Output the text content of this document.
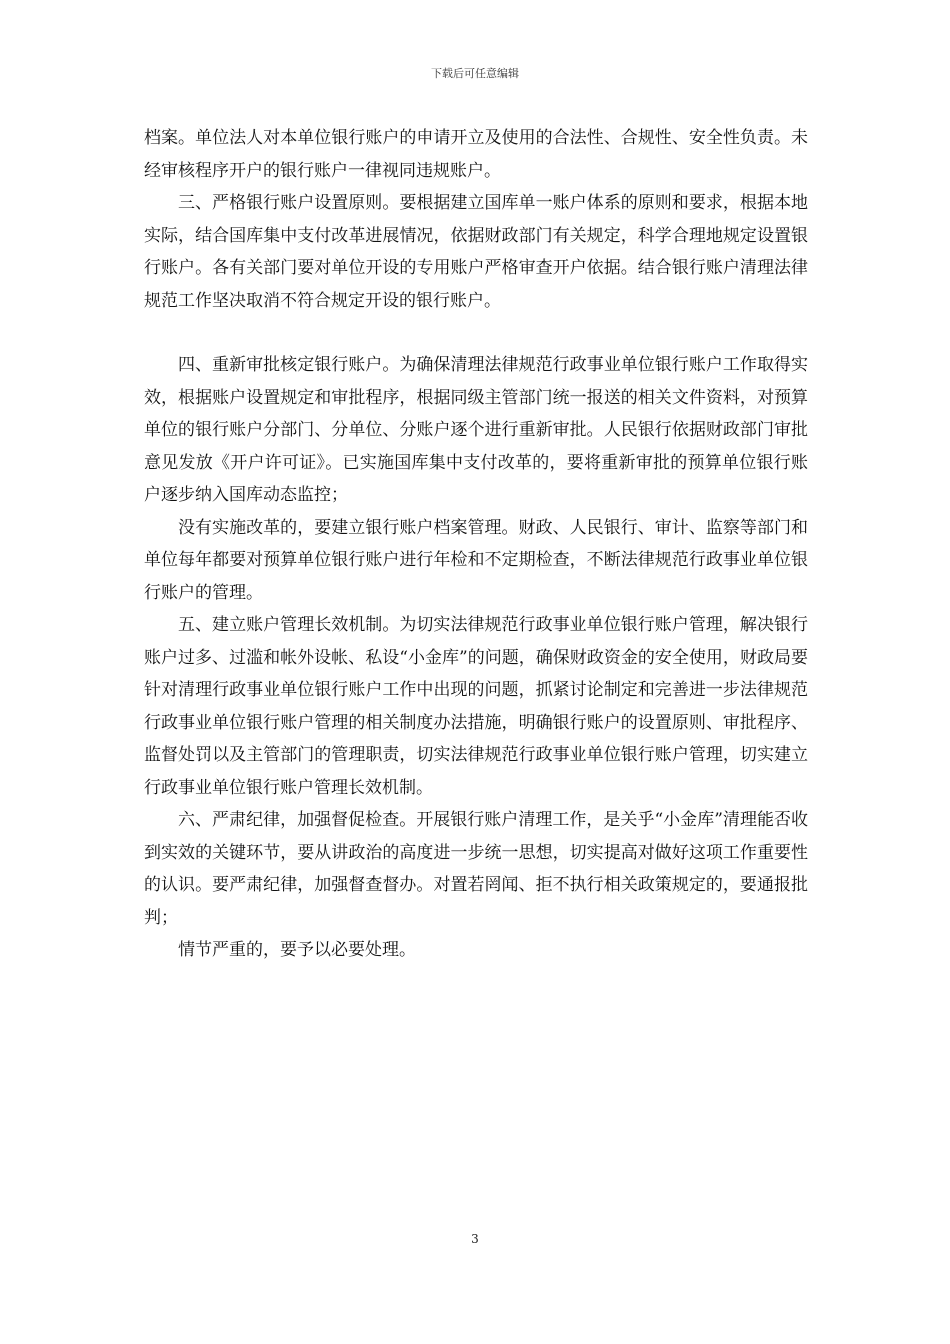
下载后可任意编辑

档案。单位法人对本单位银行账户的申请开立及使用的合法性、合规性、安全性负责。未经审核程序开户的银行账户一律视同违规账户。

三、严格银行账户设置原则。要根据建立国库单一账户体系的原则和要求，根据本地实际，结合国库集中支付改革进展情况，依据财政部门有关规定，科学合理地规定设置银行账户。各有关部门要对单位开设的专用账户严格审查开户依据。结合银行账户清理法律规范工作坚决取消不符合规定开设的银行账户。

四、重新审批核定银行账户。为确保清理法律规范行政事业单位银行账户工作取得实效，根据账户设置规定和审批程序，根据同级主管部门统一报送的相关文件资料，对预算单位的银行账户分部门、分单位、分账户逐个进行重新审批。人民银行依据财政部门审批意见发放《开户许可证》。已实施国库集中支付改革的，要将重新审批的预算单位银行账户逐步纳入国库动态监控；

没有实施改革的，要建立银行账户档案管理。财政、人民银行、审计、监察等部门和单位每年都要对预算单位银行账户进行年检和不定期检查，不断法律规范行政事业单位银行账户的管理。

五、建立账户管理长效机制。为切实法律规范行政事业单位银行账户管理，解决银行账户过多、过滥和帐外设帐、私设“小金库”的问题，确保财政资金的安全使用，财政局要针对清理行政事业单位银行账户工作中出现的问题，抓紧讨论制定和完善进一步法律规范行政事业单位银行账户管理的相关制度办法措施，明确银行账户的设置原则、审批程序、监督处罚以及主管部门的管理职责，切实法律规范行政事业单位银行账户管理，切实建立行政事业单位银行账户管理长效机制。

六、严肃纪律，加强督促检查。开展银行账户清理工作，是关乎“小金库”清理能否收到实效的关键环节，要从讲政治的高度进一步统一思想，切实提高对做好这项工作重要性的认识。要严肃纪律，加强督查督办。对置若罔闻、拒不执行相关政策规定的，要通报批判；

情节严重的，要予以必要处理。

3
